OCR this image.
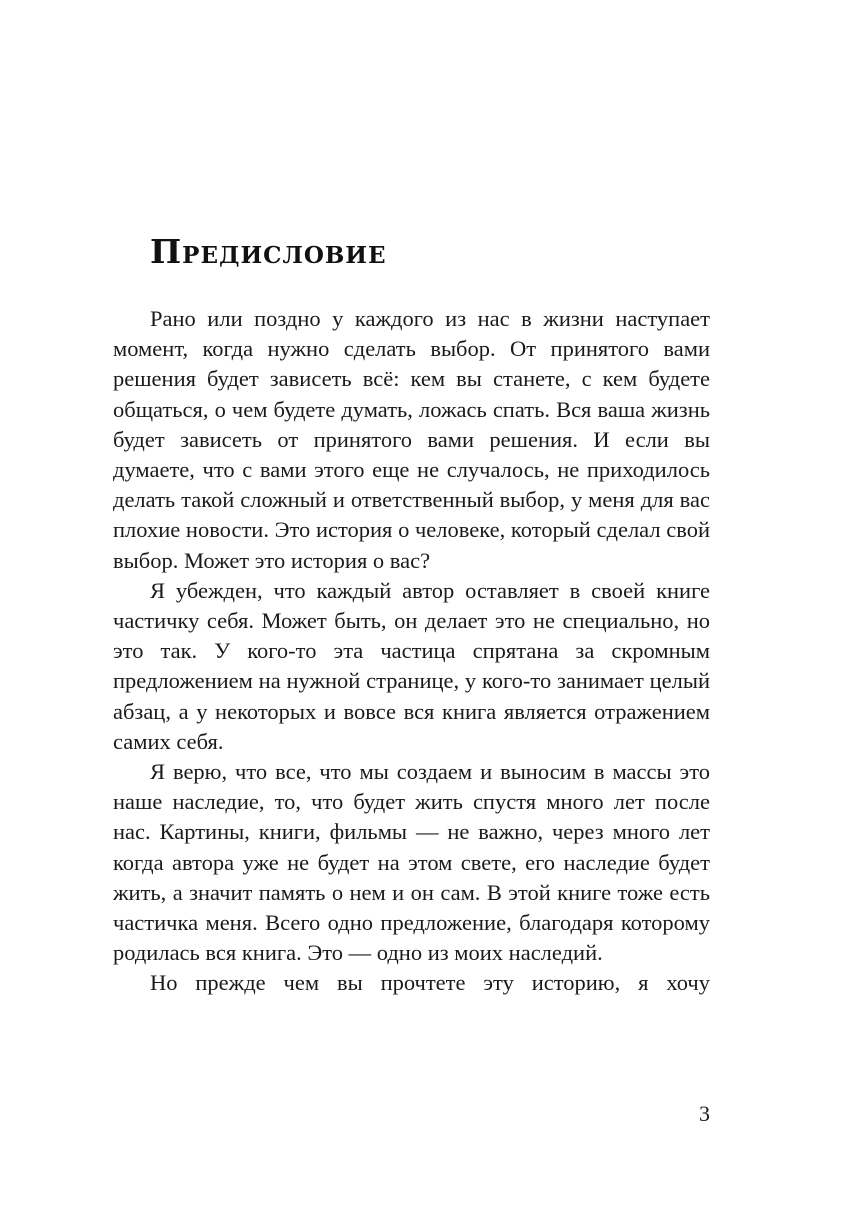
Предисловие

Рано или поздно у каждого из нас в жизни наступает момент, когда нужно сделать выбор. От принятого вами решения будет зависеть всё: кем вы станете, с кем будете общаться, о чем будете думать, ложась спать. Вся ваша жизнь будет зависеть от принятого вами решения. И если вы думаете, что с вами этого еще не случалось, не приходилось делать такой сложный и ответственный выбор, у меня для вас плохие новости. Это история о человеке, который сделал свой выбор. Может это история о вас?

Я убежден, что каждый автор оставляет в своей книге частичку себя. Может быть, он делает это не специально, но это так. У кого-то эта частица спрятана за скромным предложением на нужной странице, у кого-то занимает целый абзац, а у некоторых и вовсе вся книга является отражением самих себя.

Я верю, что все, что мы создаем и выносим в массы это наше наследие, то, что будет жить спустя много лет после нас. Картины, книги, фильмы — не важно, через много лет когда автора уже не будет на этом свете, его наследие будет жить, а значит память о нем и он сам. В этой книге тоже есть частичка меня. Всего одно предложение, благодаря которому родилась вся книга. Это — одно из моих наследий.

Но прежде чем вы прочтете эту историю, я хочу

3
